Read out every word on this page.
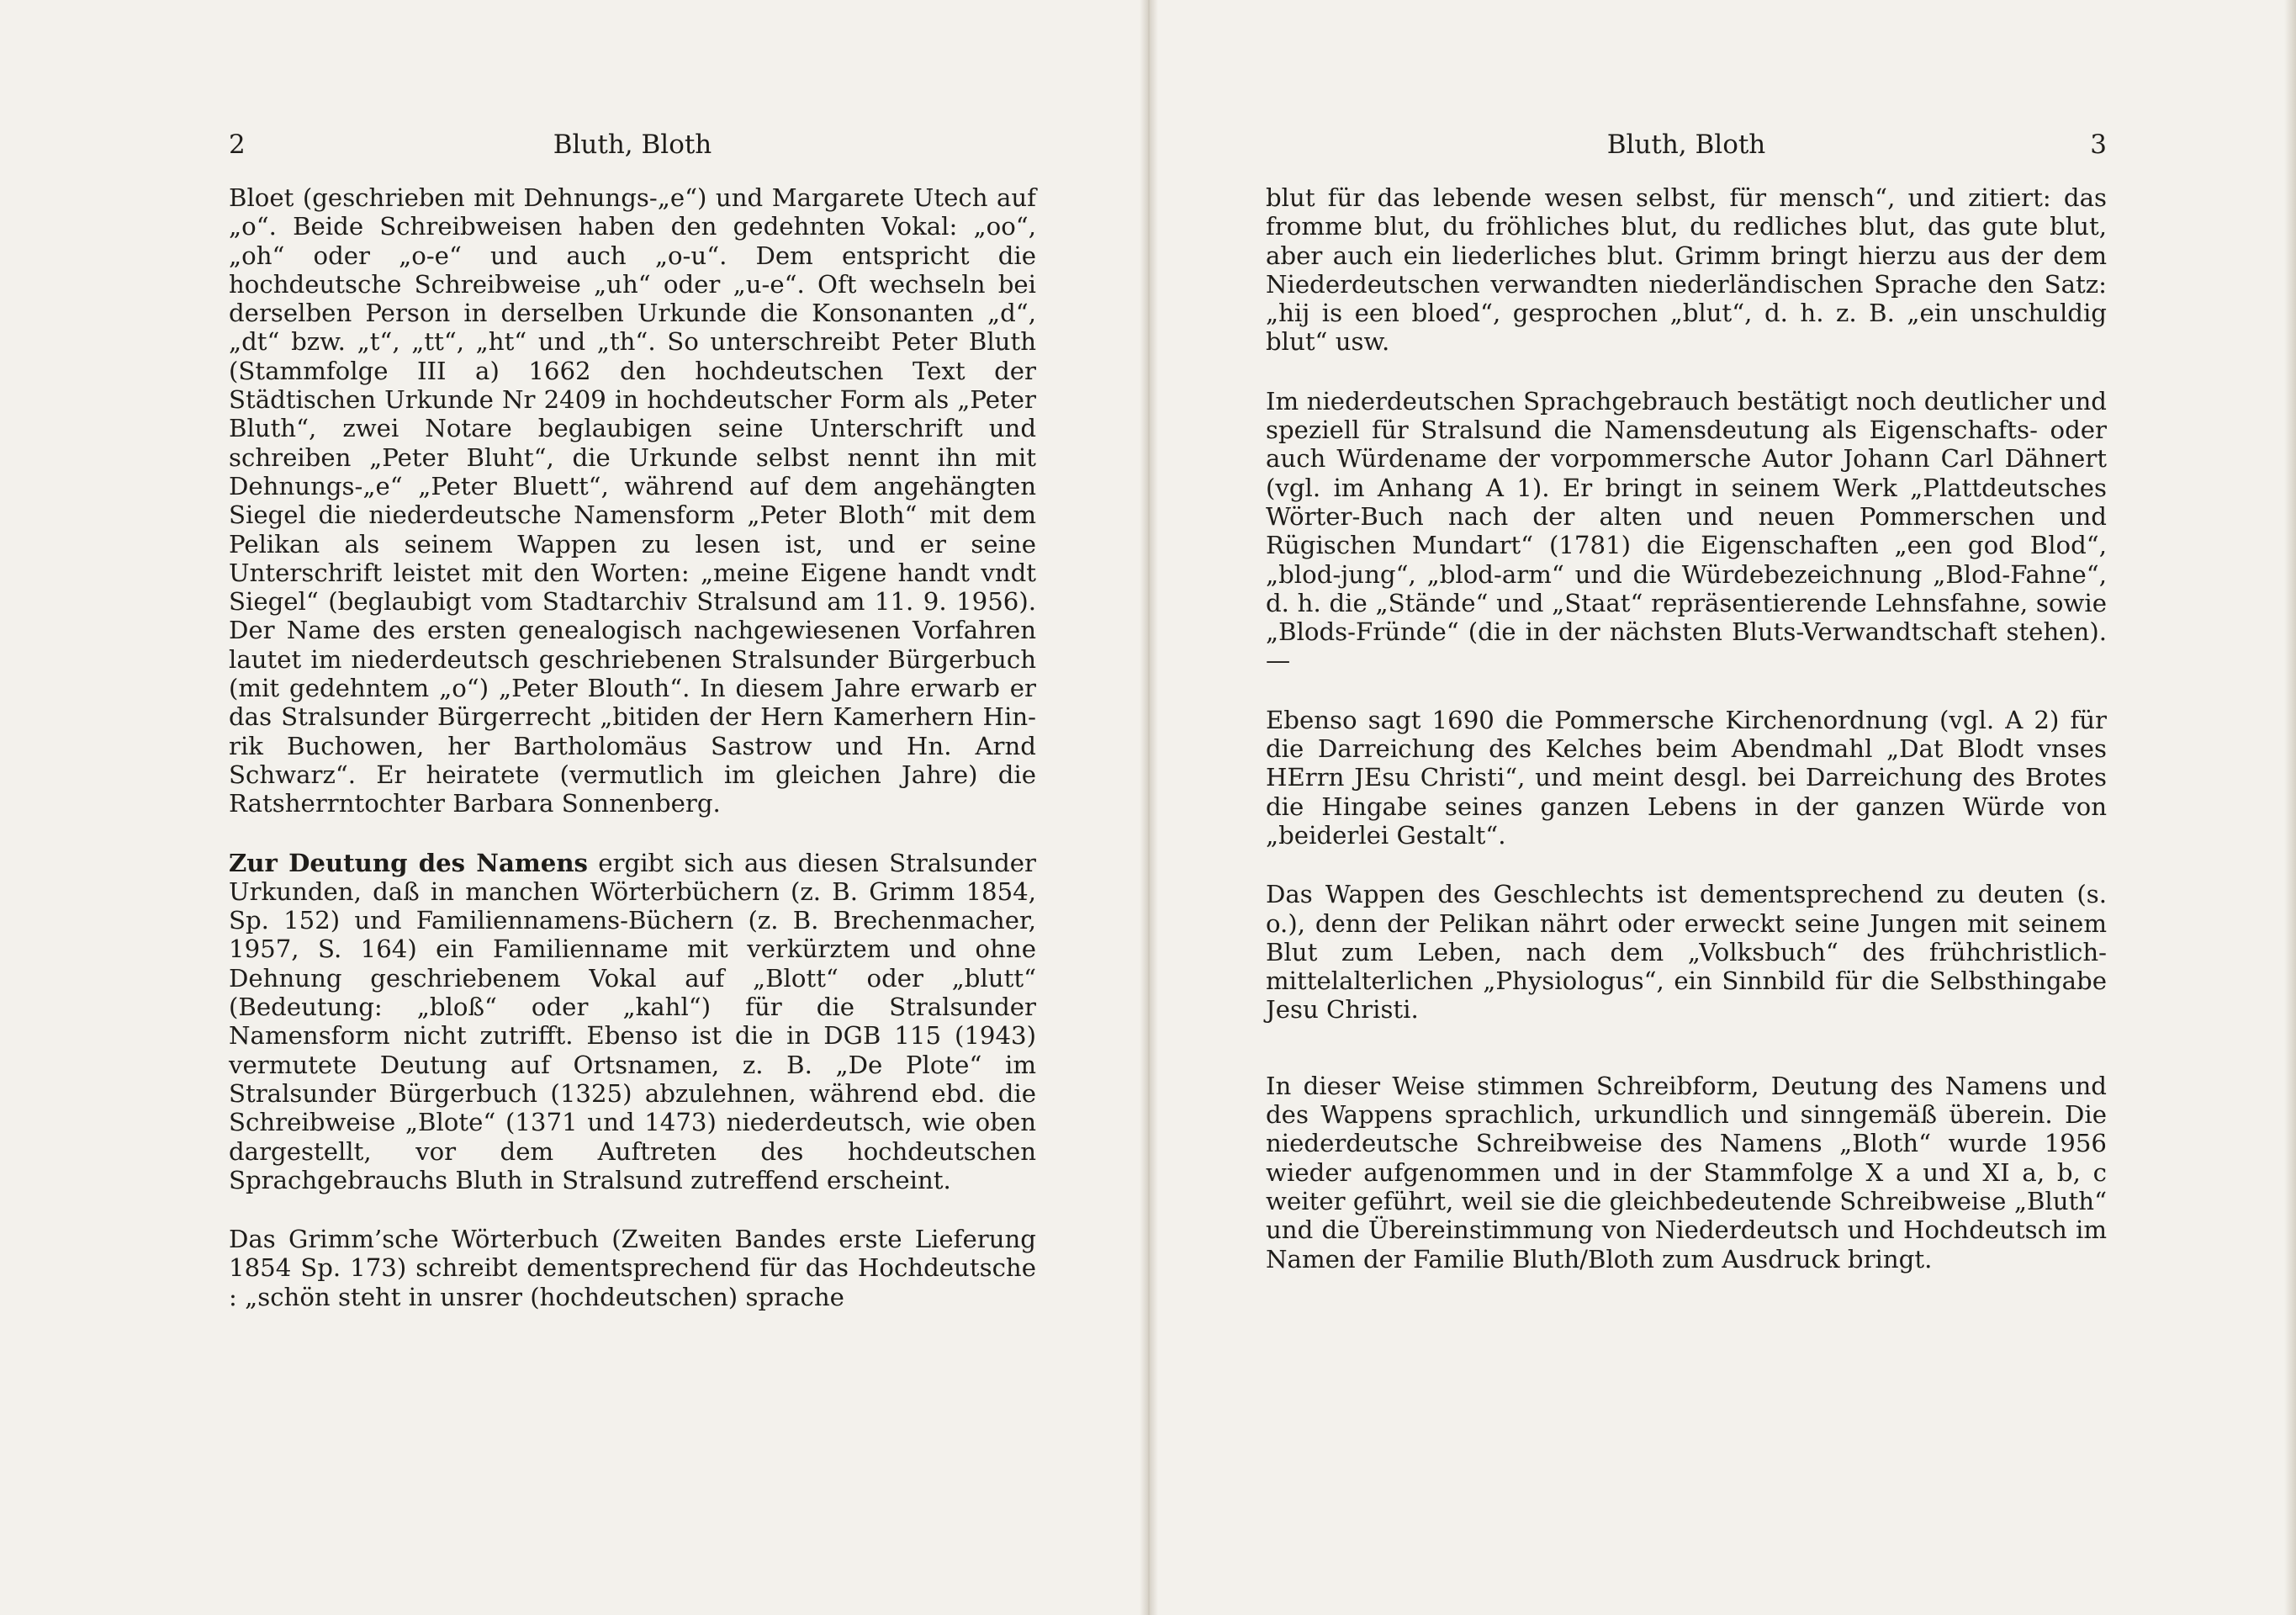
2	Bluth, Bloth

Bloet (geschrieben mit Dehnungs-„e“) und Margarete Utech auf „o“. Beide Schreibweisen haben den gedehnten Vokal: „oo“, „oh“ oder „o-e“ und auch „o-u“. Dem entspricht die hochdeutsche Schreibweise „uh“ oder „u-e“. Oft wechseln bei derselben Person in derselben Urkunde die Konsonanten „d“, „dt“ bzw. „t“, „tt“, „ht“ und „th“. So unterschreibt Peter Bluth (Stammfolge III a) 1662 den hochdeutschen Text der Städtischen Urkunde Nr 2409 in hochdeutscher Form als „Peter Bluth“, zwei Notare beglaubigen seine Unterschrift und schreiben „Peter Bluht“, die Urkunde selbst nennt ihn mit Dehnungs-„e“ „Peter Bluett“, während auf dem angehängten Siegel die niederdeutsche Namensform „Peter Bloth“ mit dem Pelikan als seinem Wappen zu lesen ist, und er seine Unterschrift leistet mit den Worten: „meine Eigene handt vndt Siegel“ (beglaubigt vom Stadtarchiv Stralsund am 11. 9. 1956). Der Name des ersten genealogisch nachgewiesenen Vorfahren lautet im niederdeutsch geschriebenen Stralsunder Bürgerbuch (mit gedehntem „o“) „Peter Blouth“. In diesem Jahre erwarb er das Stralsunder Bürgerrecht „bitiden der Hern Kamerhern Hinrik Buchowen, her Bartholomäus Sastrow und Hn. Arnd Schwarz“. Er heiratete (vermutlich im gleichen Jahre) die Ratsherrntochter Barbara Sonnenberg.

Zur Deutung des Namens ergibt sich aus diesen Stralsunder Urkunden, daß in manchen Wörterbüchern (z. B. Grimm 1854, Sp. 152) und Familiennamens-Büchern (z. B. Brechenmacher, 1957, S. 164) ein Familienname mit verkürztem und ohne Dehnung geschriebenem Vokal auf „Blott“ oder „blutt“ (Bedeutung: „bloß“ oder „kahl“) für die Stralsunder Namensform nicht zutrifft. Ebenso ist die in DGB 115 (1943) vermutete Deutung auf Ortsnamen, z. B. „De Plote“ im Stralsunder Bürgerbuch (1325) abzulehnen, während ebd. die Schreibweise „Blote“ (1371 und 1473) niederdeutsch, wie oben dargestellt, vor dem Auftreten des hochdeutschen Sprachgebrauchs Bluth in Stralsund zutreffend erscheint.

Das Grimm’sche Wörterbuch (Zweiten Bandes erste Lieferung 1854 Sp. 173) schreibt dementsprechend für das Hochdeutsche : „schön steht in unsrer (hochdeutschen) sprache

Bluth, Bloth	3

blut für das lebende wesen selbst, für mensch“, und zitiert: das fromme blut, du fröhliches blut, du redliches blut, das gute blut, aber auch ein liederliches blut. Grimm bringt hierzu aus der dem Niederdeutschen verwandten niederländischen Sprache den Satz: „hij is een bloed“, gesprochen „blut“, d. h. z. B. „ein unschuldig blut“ usw.

Im niederdeutschen Sprachgebrauch bestätigt noch deutlicher und speziell für Stralsund die Namensdeutung als Eigenschafts- oder auch Würdename der vorpommersche Autor Johann Carl Dähnert (vgl. im Anhang A 1). Er bringt in seinem Werk „Plattdeutsches Wörter-Buch nach der alten und neuen Pommerschen und Rügischen Mundart“ (1781) die Eigenschaften „een god Blod“, „blod-jung“, „blod-arm“ und die Würdebezeichnung „Blod-Fahne“, d. h. die „Stände“ und „Staat“ repräsentierende Lehnsfahne, sowie „Blods-Fründe“ (die in der nächsten Bluts-Verwandtschaft stehen). —

Ebenso sagt 1690 die Pommersche Kirchenordnung (vgl. A 2) für die Darreichung des Kelches beim Abendmahl „Dat Blodt vnses HErrn JEsu Christi“, und meint desgl. bei Darreichung des Brotes die Hingabe seines ganzen Lebens in der ganzen Würde von „beiderlei Gestalt“.

Das Wappen des Geschlechts ist dementsprechend zu deuten (s. o.), denn der Pelikan nährt oder erweckt seine Jungen mit seinem Blut zum Leben, nach dem „Volksbuch“ des frühchristlich-mittelalterlichen „Physiologus“, ein Sinnbild für die Selbsthingabe Jesu Christi.

In dieser Weise stimmen Schreibform, Deutung des Namens und des Wappens sprachlich, urkundlich und sinngemäß überein. Die niederdeutsche Schreibweise des Namens „Bloth“ wurde 1956 wieder aufgenommen und in der Stammfolge X a und XI a, b, c weiter geführt, weil sie die gleichbedeutende Schreibweise „Bluth“ und die Übereinstimmung von Niederdeutsch und Hochdeutsch im Namen der Familie Bluth/Bloth zum Ausdruck bringt.
